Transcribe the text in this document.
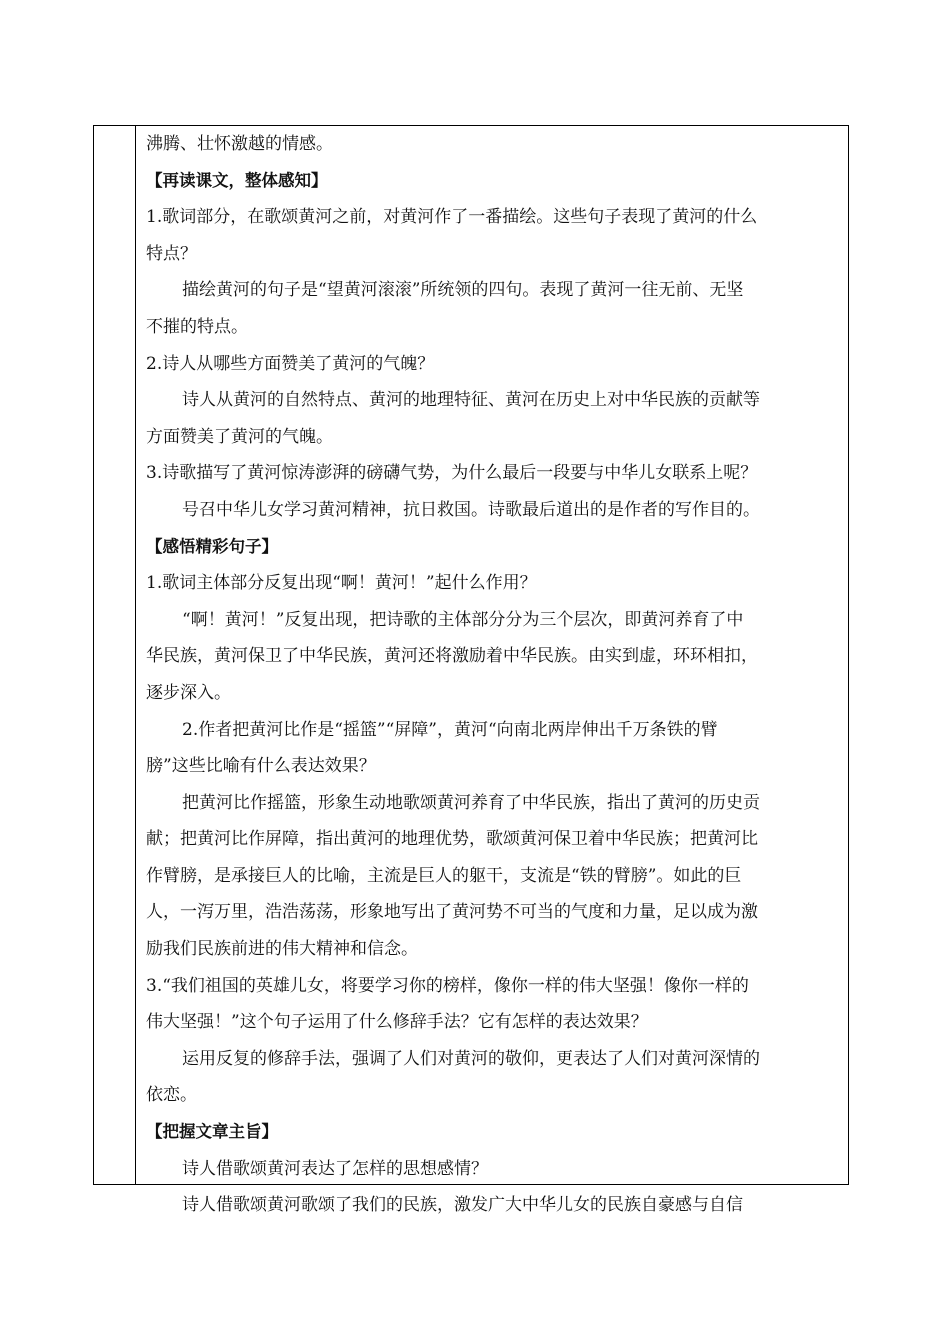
沸腾、壮怀激越的情感。
【再读课文，整体感知】
1.歌词部分，在歌颂黄河之前，对黄河作了一番描绘。这些句子表现了黄河的什么
特点？
描绘黄河的句子是“望黄河滚滚”所统领的四句。表现了黄河一往无前、无坚
不摧的特点。
2.诗人从哪些方面赞美了黄河的气魄？
诗人从黄河的自然特点、黄河的地理特征、黄河在历史上对中华民族的贡献等
方面赞美了黄河的气魄。
3.诗歌描写了黄河惊涛澎湃的磅礴气势，为什么最后一段要与中华儿女联系上呢？
号召中华儿女学习黄河精神，抗日救国。诗歌最后道出的是作者的写作目的。
【感悟精彩句子】
1.歌词主体部分反复出现“啊！黄河！”起什么作用？
“啊！黄河！”反复出现，把诗歌的主体部分分为三个层次，即黄河养育了中
华民族，黄河保卫了中华民族，黄河还将激励着中华民族。由实到虚，环环相扣，
逐步深入。
2.作者把黄河比作是“摇篮”“屏障”，黄河“向南北两岸伸出千万条铁的臂
膀”这些比喻有什么表达效果？
把黄河比作摇篮，形象生动地歌颂黄河养育了中华民族，指出了黄河的历史贡
献；把黄河比作屏障，指出黄河的地理优势，歌颂黄河保卫着中华民族；把黄河比
作臂膀，是承接巨人的比喻，主流是巨人的躯干，支流是“铁的臂膀”。如此的巨
人，一泻万里，浩浩荡荡，形象地写出了黄河势不可当的气度和力量，足以成为激
励我们民族前进的伟大精神和信念。
3.“我们祖国的英雄儿女，将要学习你的榜样，像你一样的伟大坚强！像你一样的
伟大坚强！”这个句子运用了什么修辞手法？它有怎样的表达效果？
运用反复的修辞手法，强调了人们对黄河的敬仰，更表达了人们对黄河深情的
依恋。
【把握文章主旨】
诗人借歌颂黄河表达了怎样的思想感情？
诗人借歌颂黄河歌颂了我们的民族，激发广大中华儿女的民族自豪感与自信
